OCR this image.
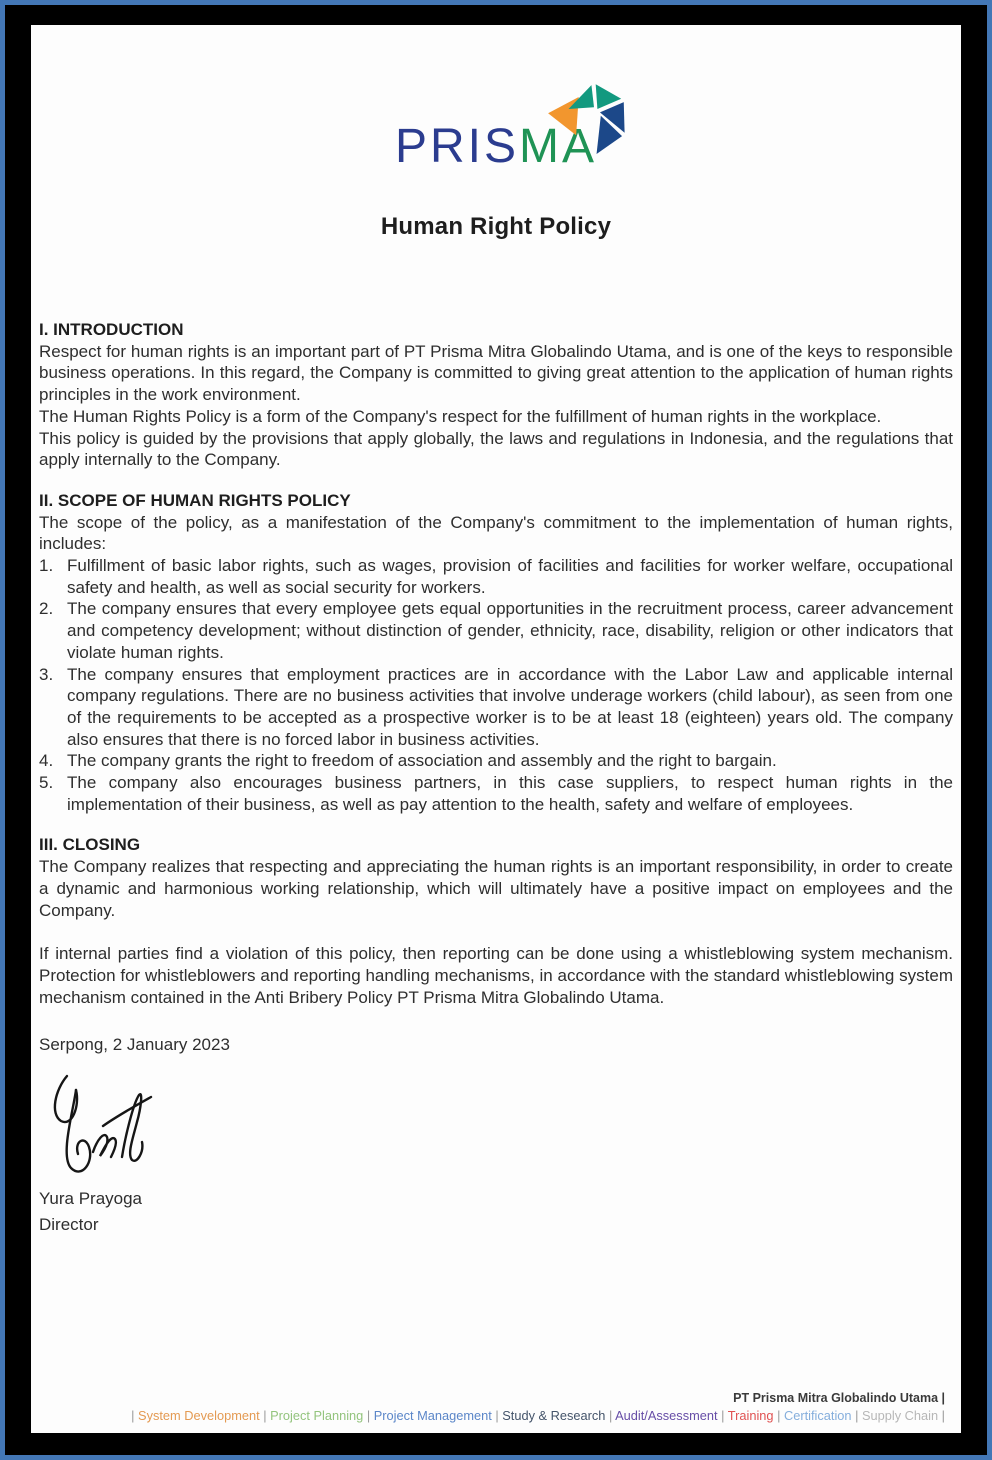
PRISMA
Human Right Policy

I. INTRODUCTION

Respect for human rights is an important part of PT Prisma Mitra Globalindo Utama, and is one of the keys to responsible business operations. In this regard, the Company is committed to giving great attention to the application of human rights principles in the work environment.

The Human Rights Policy is a form of the Company's respect for the fulfillment of human rights in the workplace.

This policy is guided by the provisions that apply globally, the laws and regulations in Indonesia, and the regulations that apply internally to the Company.

II. SCOPE OF HUMAN RIGHTS POLICY

The scope of the policy, as a manifestation of the Company's commitment to the implementation of human rights, includes:

1. Fulfillment of basic labor rights, such as wages, provision of facilities and facilities for worker welfare, occupational safety and health, as well as social security for workers.
2. The company ensures that every employee gets equal opportunities in the recruitment process, career advancement and competency development; without distinction of gender, ethnicity, race, disability, religion or other indicators that violate human rights.
3. The company ensures that employment practices are in accordance with the Labor Law and applicable internal company regulations. There are no business activities that involve underage workers (child labour), as seen from one of the requirements to be accepted as a prospective worker is to be at least 18 (eighteen) years old. The company also ensures that there is no forced labor in business activities.
4. The company grants the right to freedom of association and assembly and the right to bargain.
5. The company also encourages business partners, in this case suppliers, to respect human rights in the implementation of their business, as well as pay attention to the health, safety and welfare of employees.

III. CLOSING

The Company realizes that respecting and appreciating the human rights is an important responsibility, in order to create a dynamic and harmonious working relationship, which will ultimately have a positive impact on employees and the Company.

If internal parties find a violation of this policy, then reporting can be done using a whistleblowing system mechanism. Protection for whistleblowers and reporting handling mechanisms, in accordance with the standard whistleblowing system mechanism contained in the Anti Bribery Policy PT Prisma Mitra Globalindo Utama.

Serpong, 2 January 2023

Yura Prayoga

Director

PT Prisma Mitra Globalindo Utama |
| System Development | Project Planning | Project Management | Study & Research | Audit/Assessment | Training | Certification | Supply Chain |
